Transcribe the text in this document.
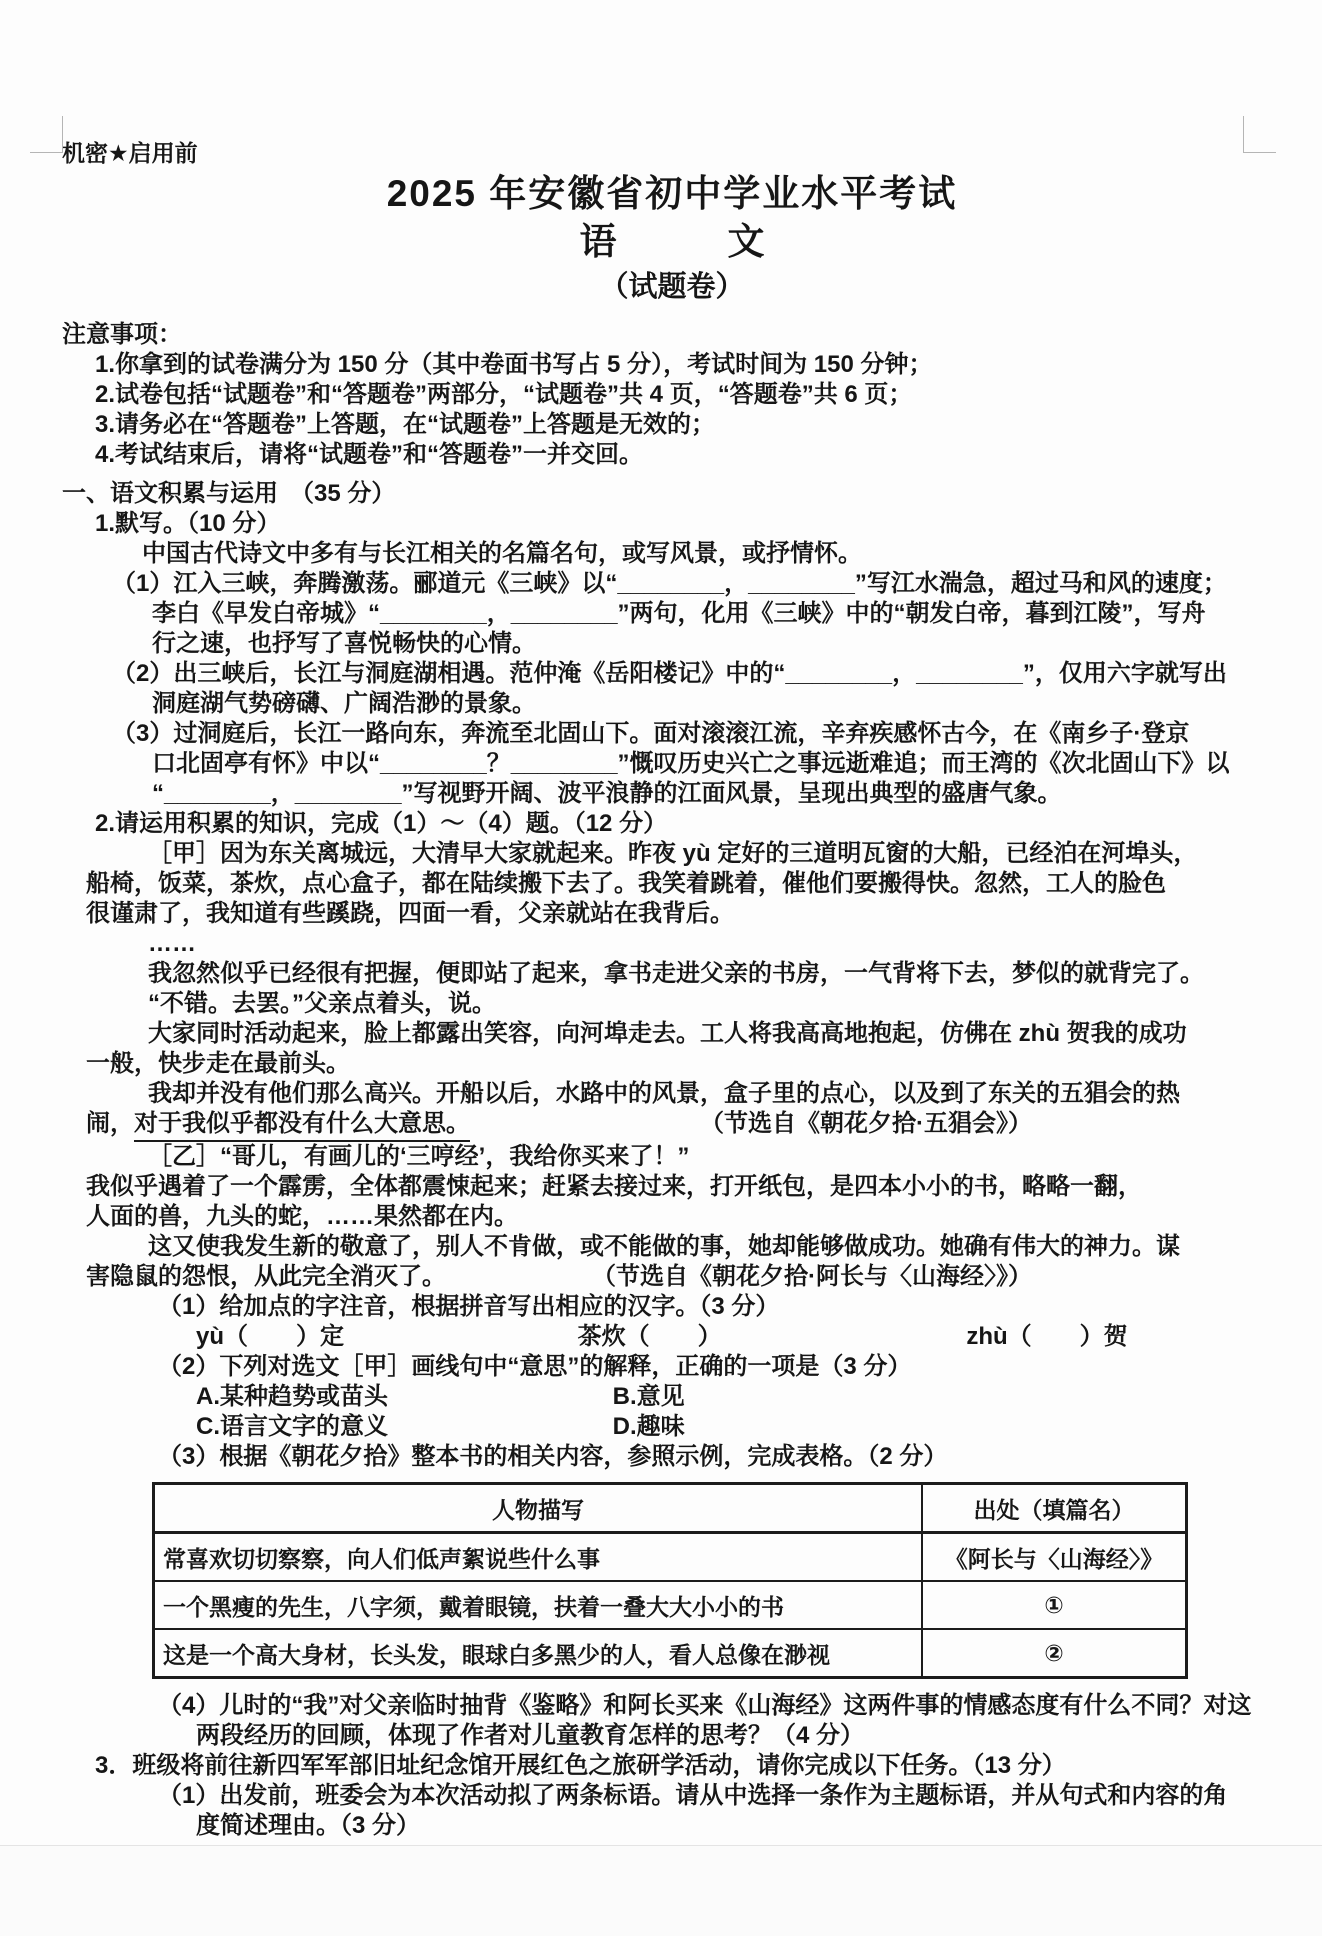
机密★启用前
2025 年安徽省初中学业水平考试
语　　　文
（试题卷）
注意事项：
1.你拿到的试卷满分为 150 分（其中卷面书写占 5 分），考试时间为 150 分钟；
2.试卷包括“试题卷”和“答题卷”两部分，“试题卷”共 4 页，“答题卷”共 6 页；
3.请务必在“答题卷”上答题，在“试题卷”上答题是无效的；
4.考试结束后，请将“试题卷”和“答题卷”一并交回。
一、语文积累与运用　（35 分）
1.默写。（10 分）
中国古代诗文中多有与长江相关的名篇名句，或写风景，或抒情怀。
（1）江入三峡，奔腾激荡。郦道元《三峡》以“________，________”写江水湍急，超过马和风的速度；
李白《早发白帝城》“________，________”两句，化用《三峡》中的“朝发白帝，暮到江陵”，写舟
行之速，也抒写了喜悦畅快的心情。
（2）出三峡后，长江与洞庭湖相遇。范仲淹《岳阳楼记》中的“________，________”，仅用六字就写出
洞庭湖气势磅礴、广阔浩渺的景象。
（3）过洞庭后，长江一路向东，奔流至北固山下。面对滚滚江流，辛弃疾感怀古今，在《南乡子·登京
口北固亭有怀》中以“________？________”慨叹历史兴亡之事远逝难追；而王湾的《次北固山下》以
“________，________”写视野开阔、波平浪静的江面风景，呈现出典型的盛唐气象。
2.请运用积累的知识，完成（1）～（4）题。（12 分）
［甲］因为东关离城远，大清早大家就起来。昨夜 yù 定好的三道明瓦窗的大船，已经泊在河埠头，
船椅，饭菜，茶炊，点心盒子，都在陆续搬下去了。我笑着跳着，催他们要搬得快。忽然，工人的脸色
很谨肃了，我知道有些蹊跷，四面一看，父亲就站在我背后。
……
我忽然似乎已经很有把握，便即站了起来，拿书走进父亲的书房，一气背将下去，梦似的就背完了。
“不错。去罢。”父亲点着头，说。
大家同时活动起来，脸上都露出笑容，向河埠走去。工人将我高高地抱起，仿佛在 zhù 贺我的成功
一般，快步走在最前头。
我却并没有他们那么高兴。开船以后，水路中的风景，盒子里的点心，以及到了东关的五猖会的热
闹， 对于我似乎都没有什么大意思。	（节选自《朝花夕拾·五猖会》）
［乙］“哥儿，有画儿的‘三哼经’，我给你买来了！”
我似乎遇着了一个霹雳，全体都震悚起来；赶紧去接过来，打开纸包，是四本小小的书，略略一翻，
人面的兽，九头的蛇，……果然都在内。
这又使我发生新的敬意了，别人不肯做，或不能做的事，她却能够做成功。她确有伟大的神力。谋
害隐鼠的怨恨，从此完全消灭了。	（节选自《朝花夕拾·阿长与〈山海经〉》）
（1）给加点的字注音，根据拼音写出相应的汉字。（3 分）
yù（　　）定	茶炊（　　）	zhù（　　）贺
（2）下列对选文［甲］画线句中“意思”的解释，正确的一项是（3 分）
A.某种趋势或苗头	B.意见
C.语言文字的意义	D.趣味
（3）根据《朝花夕拾》整本书的相关内容，参照示例，完成表格。（2 分）
人物描写	出处（填篇名）
常喜欢切切察察，向人们低声絮说些什么事	《阿长与〈山海经〉》
一个黑瘦的先生，八字须，戴着眼镜，扶着一叠大大小小的书	①
这是一个高大身材，长头发，眼球白多黑少的人，看人总像在渺视	②
（4）儿时的“我”对父亲临时抽背《鉴略》和阿长买来《山海经》这两件事的情感态度有什么不同？对这
两段经历的回顾，体现了作者对儿童教育怎样的思考？（4 分）
3．班级将前往新四军军部旧址纪念馆开展红色之旅研学活动，请你完成以下任务。（13 分）
（1）出发前，班委会为本次活动拟了两条标语。请从中选择一条作为主题标语，并从句式和内容的角
度简述理由。（3 分）
